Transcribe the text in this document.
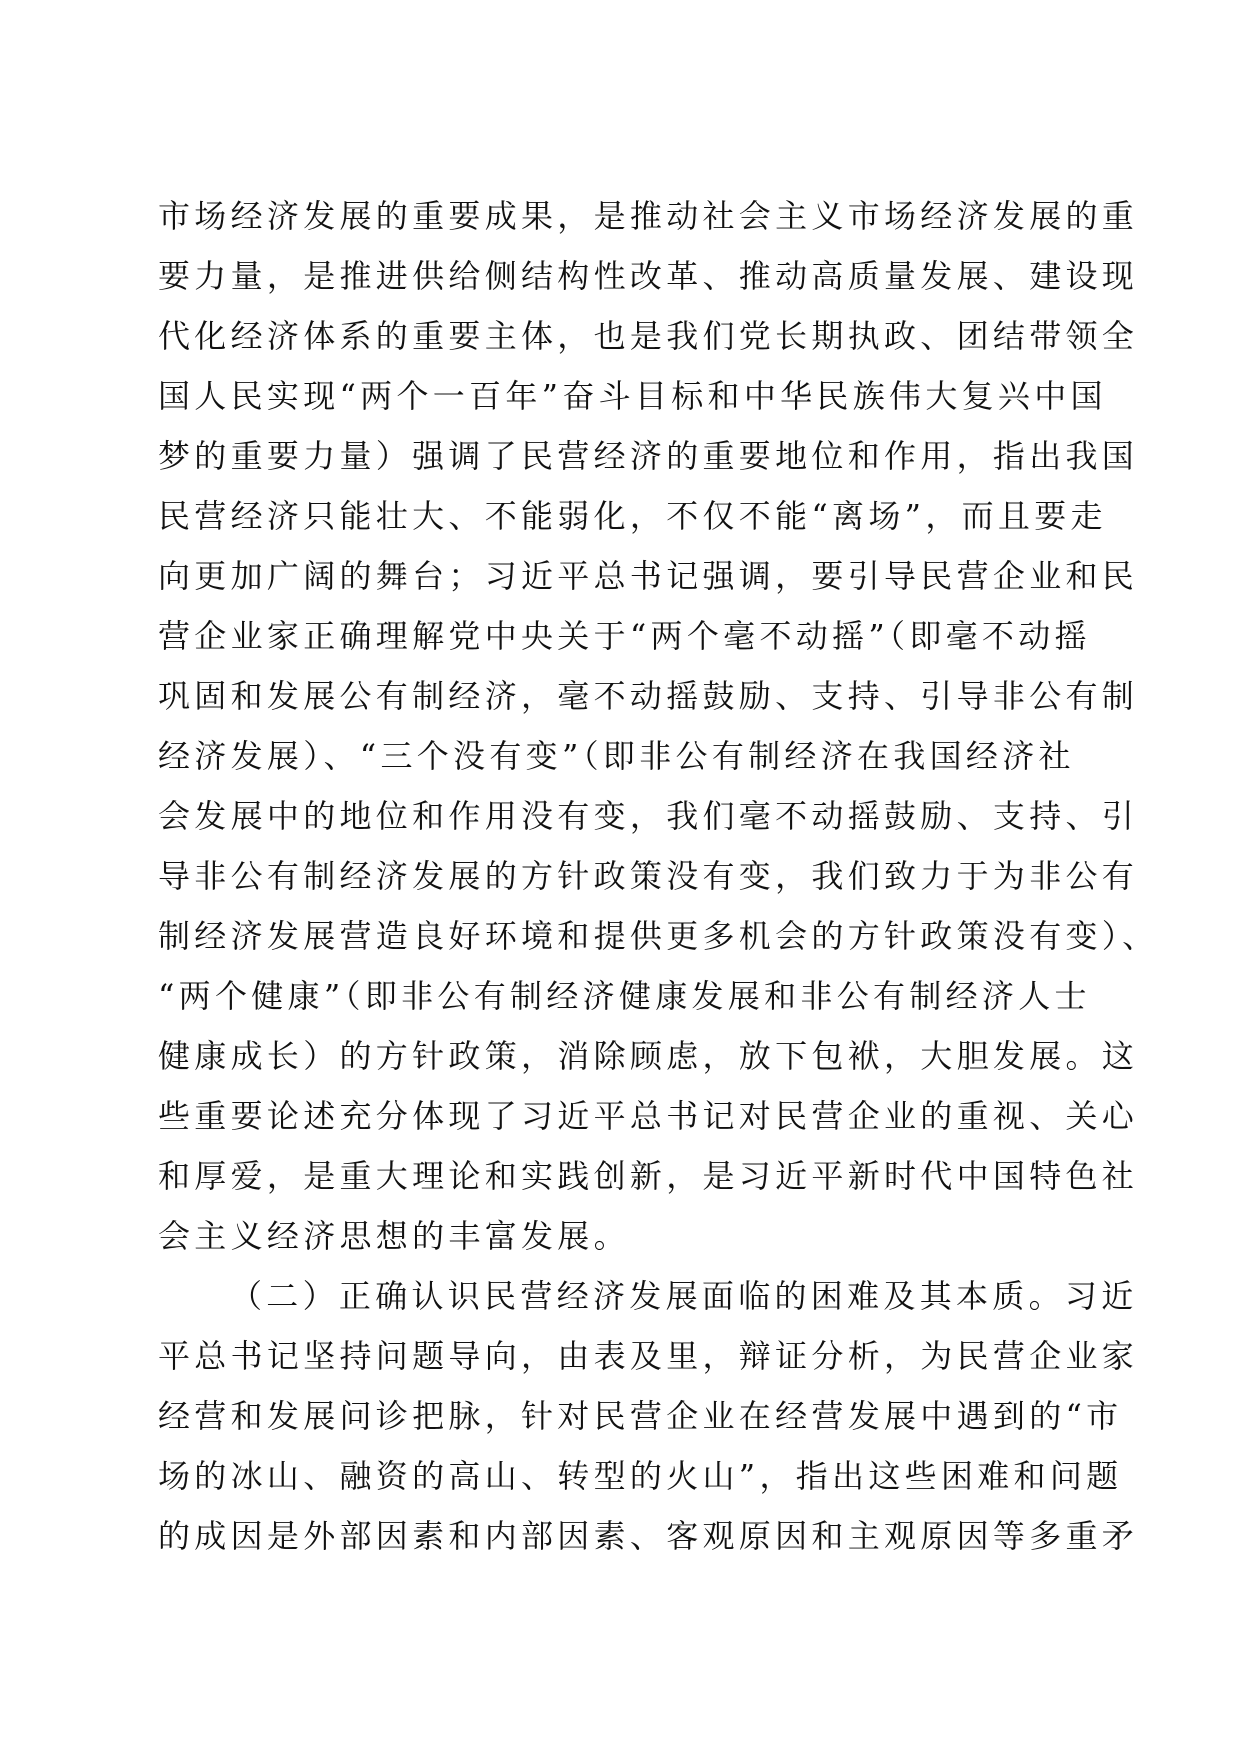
市场经济发展的重要成果，是推动社会主义市场经济发展的重
要力量，是推进供给侧结构性改革、推动高质量发展、建设现
代化经济体系的重要主体，也是我们党长期执政、团结带领全
国人民实现“两个一百年”奋斗目标和中华民族伟大复兴中国
梦的重要力量）强调了民营经济的重要地位和作用，指出我国
民营经济只能壮大、不能弱化，不仅不能“离场”，而且要走
向更加广阔的舞台；习近平总书记强调，要引导民营企业和民
营企业家正确理解党中央关于“两个毫不动摇”（即毫不动摇
巩固和发展公有制经济，毫不动摇鼓励、支持、引导非公有制
经济发展）、“三个没有变”（即非公有制经济在我国经济社
会发展中的地位和作用没有变，我们毫不动摇鼓励、支持、引
导非公有制经济发展的方针政策没有变，我们致力于为非公有
制经济发展营造良好环境和提供更多机会的方针政策没有变）、
“两个健康”（即非公有制经济健康发展和非公有制经济人士
健康成长）的方针政策，消除顾虑，放下包袱，大胆发展。这
些重要论述充分体现了习近平总书记对民营企业的重视、关心
和厚爱，是重大理论和实践创新，是习近平新时代中国特色社
会主义经济思想的丰富发展。
（二）正确认识民营经济发展面临的困难及其本质。习近
平总书记坚持问题导向，由表及里，辩证分析，为民营企业家
经营和发展问诊把脉，针对民营企业在经营发展中遇到的“市
场的冰山、融资的高山、转型的火山”，指出这些困难和问题
的成因是外部因素和内部因素、客观原因和主观原因等多重矛
